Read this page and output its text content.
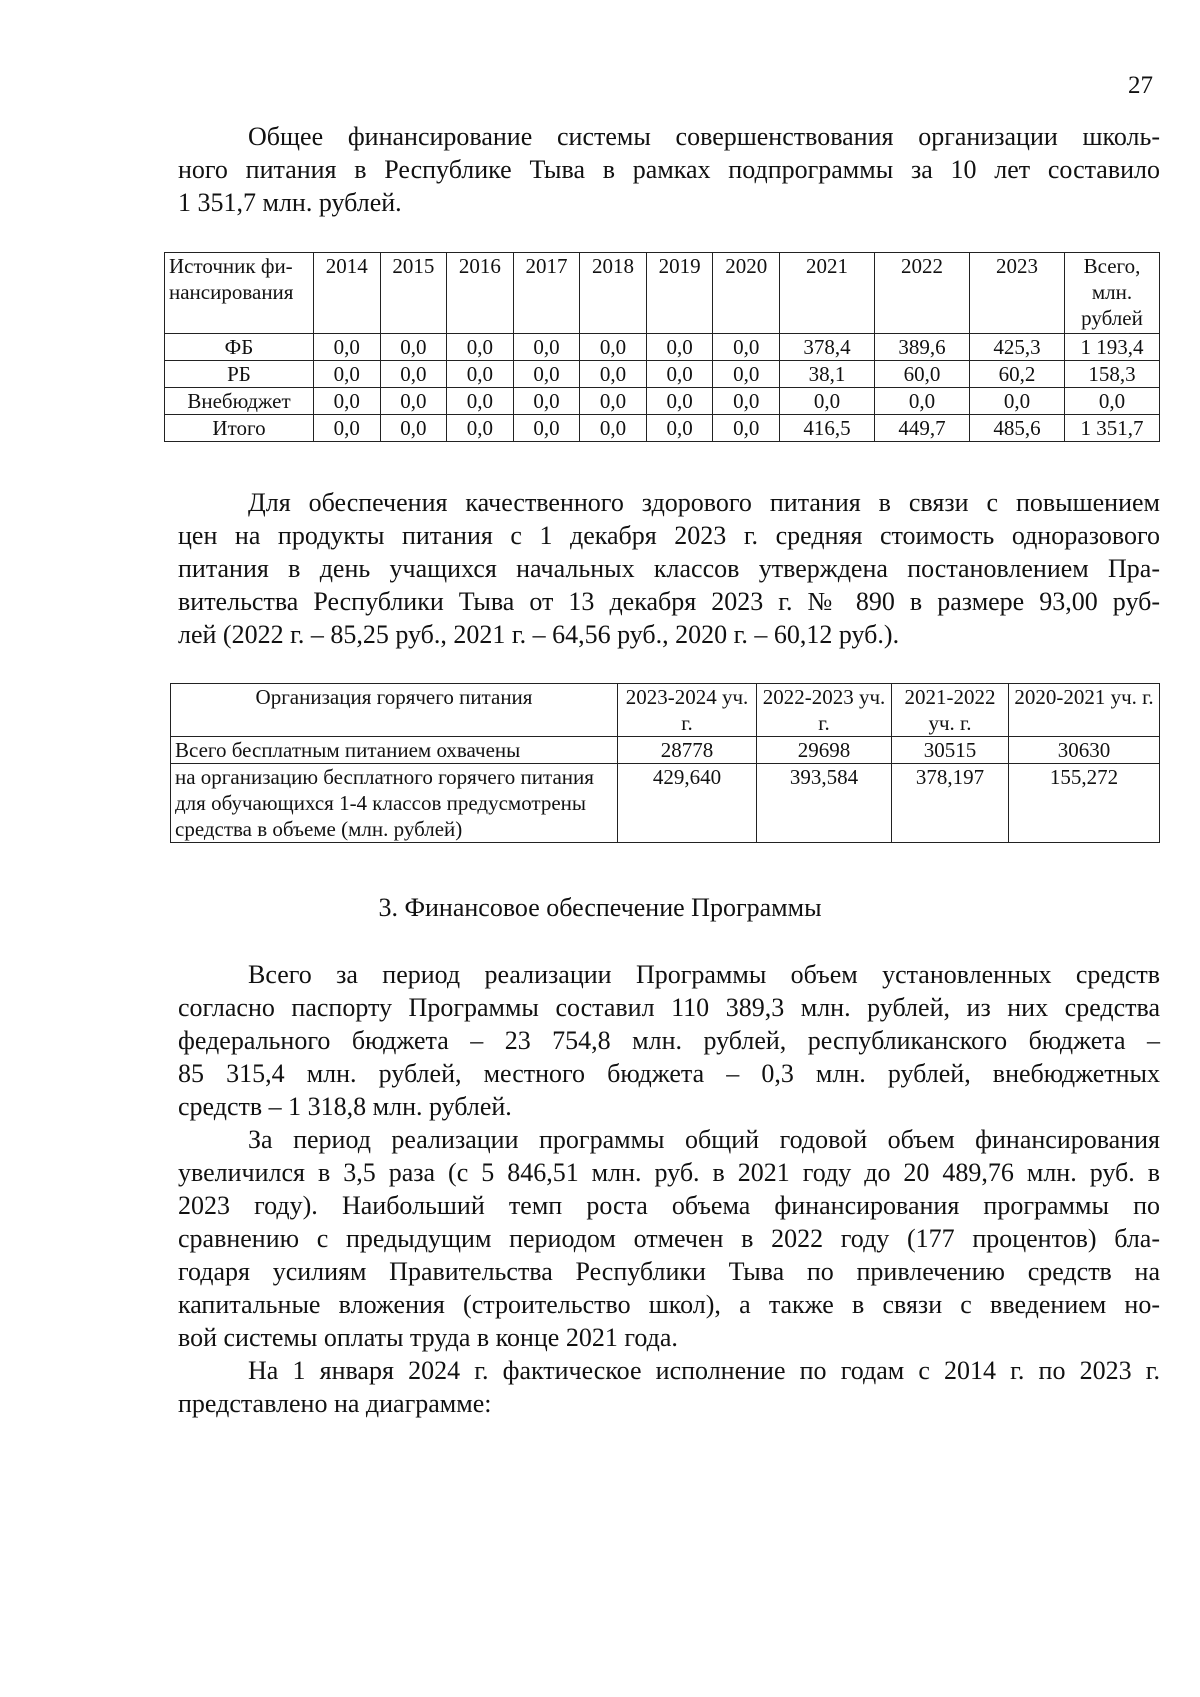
27

Общее финансирование системы совершенствования организации школь-
ного питания в Республике Тыва в рамках подпрограммы за 10 лет составило
1 351,7 млн. рублей.

Источник фи-нансирования	2014	2015	2016	2017	2018	2019	2020	2021	2022	2023	Всего, млн. рублей
ФБ	0,0	0,0	0,0	0,0	0,0	0,0	0,0	378,4	389,6	425,3	1 193,4
РБ	0,0	0,0	0,0	0,0	0,0	0,0	0,0	38,1	60,0	60,2	158,3
Внебюджет	0,0	0,0	0,0	0,0	0,0	0,0	0,0	0,0	0,0	0,0	0,0
Итого	0,0	0,0	0,0	0,0	0,0	0,0	0,0	416,5	449,7	485,6	1 351,7

Для обеспечения качественного здорового питания в связи с повышением
цен на продукты питания с 1 декабря 2023 г. средняя стоимость одноразового
питания в день учащихся начальных классов утверждена постановлением Пра-
вительства Республики Тыва от 13 декабря 2023 г. № 890 в размере 93,00 руб-
лей (2022 г. – 85,25 руб., 2021 г. – 64,56 руб., 2020 г. – 60,12 руб.).

Организация горячего питания	2023-2024 уч. г.	2022-2023 уч. г.	2021-2022 уч. г.	2020-2021 уч. г.
Всего бесплатным питанием охвачены	28778	29698	30515	30630
на организацию бесплатного горячего питания для обучающихся 1-4 классов предусмотрены средства в объеме (млн. рублей)	429,640	393,584	378,197	155,272
3. Финансовое обеспечение Программы

Всего за период реализации Программы объем установленных средств
согласно паспорту Программы составил 110 389,3 млн. рублей, из них средства
федерального бюджета – 23 754,8 млн. рублей, республиканского бюджета –
85 315,4 млн. рублей, местного бюджета – 0,3 млн. рублей, внебюджетных
средств – 1 318,8 млн. рублей.

За период реализации программы общий годовой объем финансирования
увеличился в 3,5 раза (с 5 846,51 млн. руб. в 2021 году до 20 489,76 млн. руб. в
2023 году). Наибольший темп роста объема финансирования программы по
сравнению с предыдущим периодом отмечен в 2022 году (177 процентов) бла-
годаря усилиям Правительства Республики Тыва по привлечению средств на
капитальные вложения (строительство школ), а также в связи с введением но-
вой системы оплаты труда в конце 2021 года.

На 1 января 2024 г. фактическое исполнение по годам с 2014 г. по 2023 г.
представлено на диаграмме:
